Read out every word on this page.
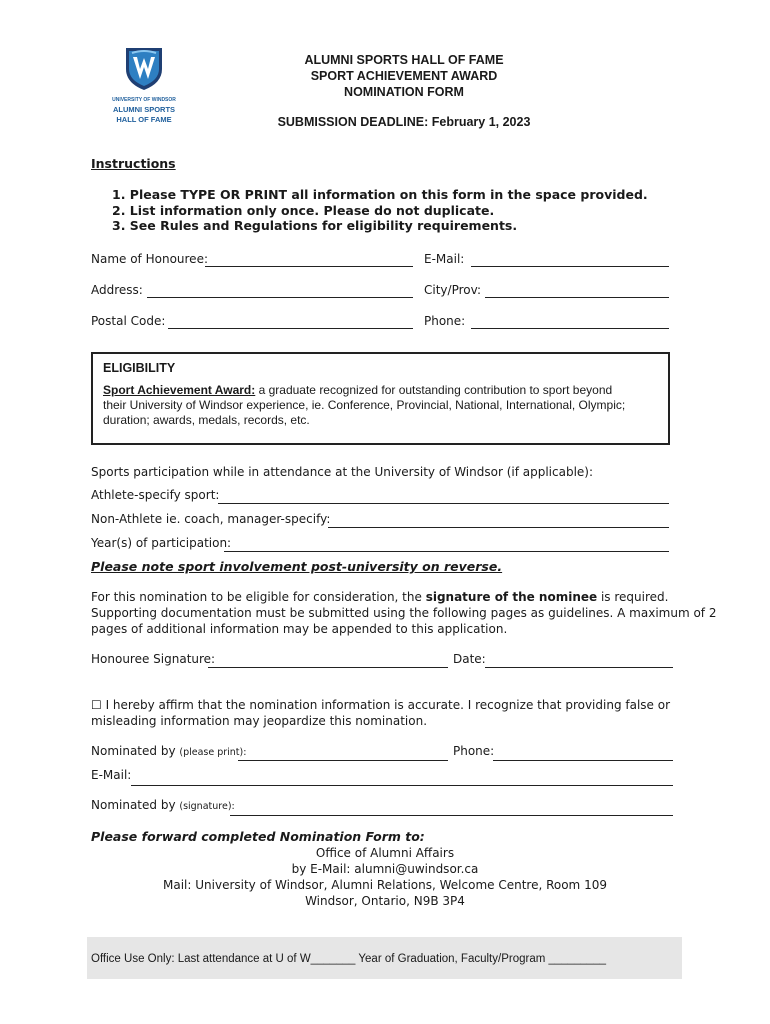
UNIVERSITY OF WINDSOR
ALUMNI SPORTS
HALL OF FAME
ALUMNI SPORTS HALL OF FAME
SPORT ACHIEVEMENT AWARD
NOMINATION FORM
SUBMISSION DEADLINE: February 1, 2023
Instructions
1. Please TYPE OR PRINT all information on this form in the space provided.
2. List information only once. Please do not duplicate.
3. See Rules and Regulations for eligibility requirements.
Name of Honouree:	E-Mail:
Address:	City/Prov:
Postal Code:	Phone:
ELIGIBILITY
Sport Achievement Award: a graduate recognized for outstanding contribution to sport beyond
their University of Windsor experience, ie. Conference, Provincial, National, International, Olympic;
duration; awards, medals, records, etc.
Sports participation while in attendance at the University of Windsor (if applicable):
Athlete-specify sport:
Non-Athlete ie. coach, manager-specify:
Year(s) of participation:
Please note sport involvement post-university on reverse.
For this nomination to be eligible for consideration, the signature of the nominee is required.
Supporting documentation must be submitted using the following pages as guidelines. A maximum of 2
pages of additional information may be appended to this application.
Honouree Signature:	Date:
☐ I hereby affirm that the nomination information is accurate. I recognize that providing false or
misleading information may jeopardize this nomination.
Nominated by (please print):	Phone:
E-Mail:
Nominated by (signature):
Please forward completed Nomination Form to:
Office of Alumni Affairs
by E-Mail: alumni@uwindsor.ca
Mail: University of Windsor, Alumni Relations, Welcome Centre, Room 109
Windsor, Ontario, N9B 3P4
Office Use Only: Last attendance at U of W_______ Year of Graduation, Faculty/Program _________
